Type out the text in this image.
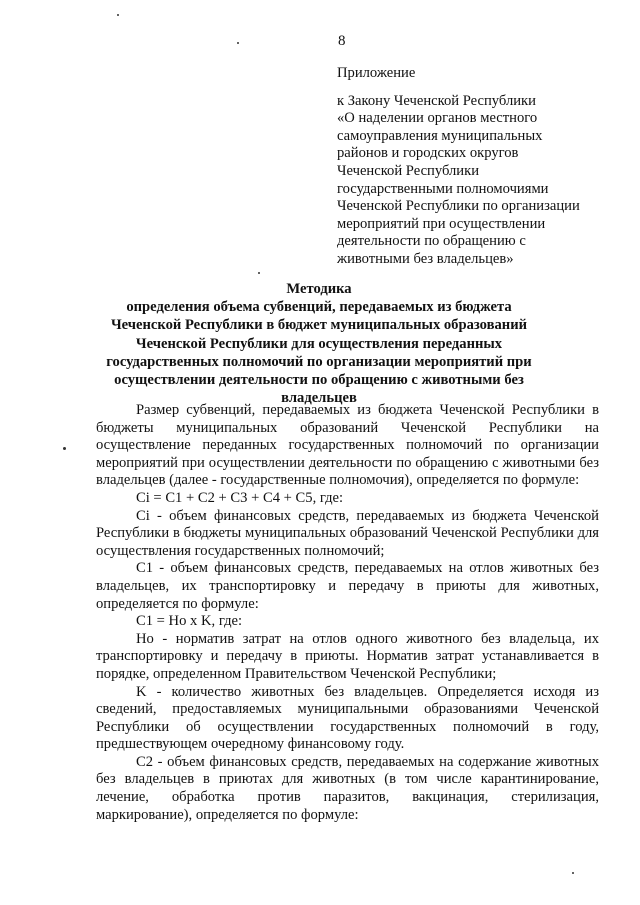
8
Приложение
к Закону Чеченской Республики
«О наделении органов местного
самоуправления муниципальных
районов и городских округов
Чеченской Республики
государственными полномочиями
Чеченской Республики по организации
мероприятий при осуществлении
деятельности по обращению с
животными без владельцев»
Методика
определения объема субвенций, передаваемых из бюджета Чеченской Республики в бюджет муниципальных образований Чеченской Республики для осуществления переданных государственных полномочий по организации мероприятий при осуществлении деятельности по обращению с животными без владельцев

Размер субвенций, передаваемых из бюджета Чеченской Республики в бюджеты муниципальных образований Чеченской Республики на осуществление переданных государственных полномочий по организации мероприятий при осуществлении деятельности по обращению с животными без владельцев (далее - государственные полномочия), определяется по формуле:

Ci = C1 + C2 + C3 + C4 + C5, где:

Ci - объем финансовых средств, передаваемых из бюджета Чеченской Республики в бюджеты муниципальных образований Чеченской Республики для осуществления государственных полномочий;

C1 - объем финансовых средств, передаваемых на отлов животных без владельцев, их транспортировку и передачу в приюты для животных, определяется по формуле:

C1 = Ho x K, где:

Ho - норматив затрат на отлов одного животного без владельца, их транспортировку и передачу в приюты. Норматив затрат устанавливается в порядке, определенном Правительством Чеченской Республики;

K - количество животных без владельцев. Определяется исходя из сведений, предоставляемых муниципальными образованиями Чеченской Республики об осуществлении государственных полномочий в году, предшествующем очередному финансовому году.

C2 - объем финансовых средств, передаваемых на содержание животных без владельцев в приютах для животных (в том числе карантинирование, лечение, обработка против паразитов, вакцинация, стерилизация, маркирование), определяется по формуле:
